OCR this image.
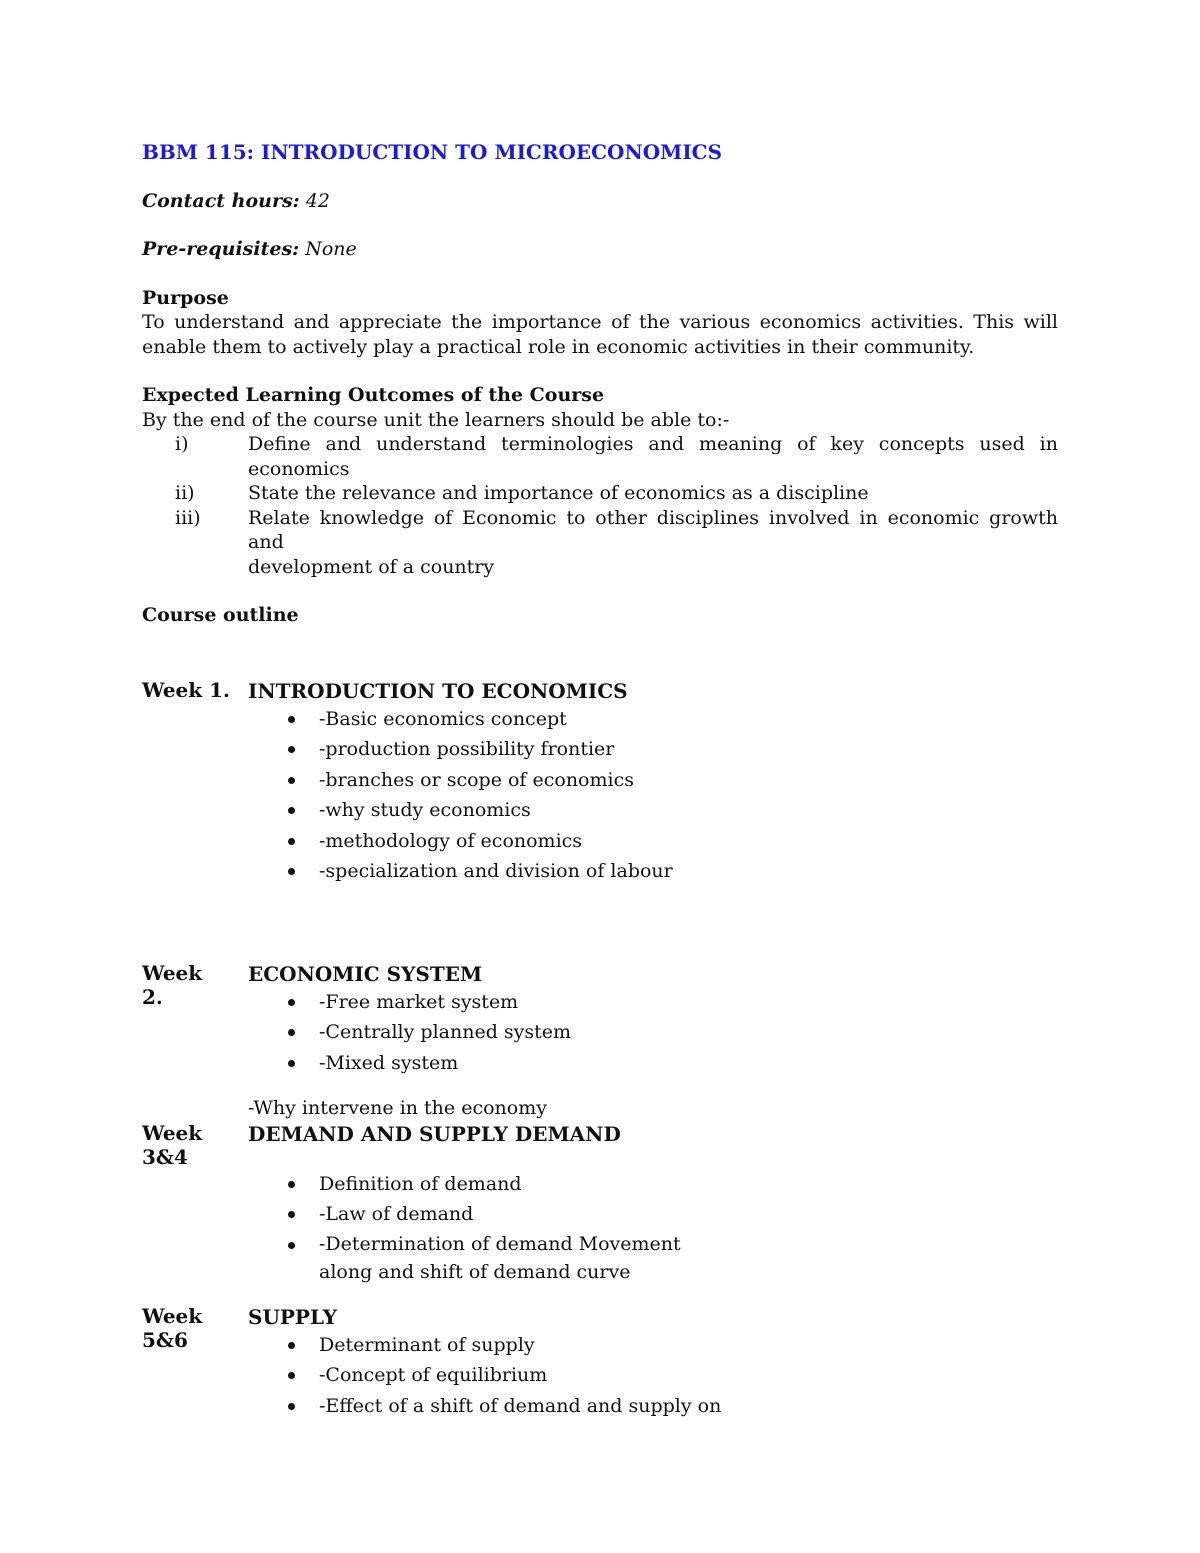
BBM 115: INTRODUCTION TO MICROECONOMICS

Contact hours: 42

Pre-requisites: None

Purpose

To understand and appreciate the importance of the various economics activities. This will

enable them to actively play a practical role in economic activities in their community.

Expected Learning Outcomes of the Course

By the end of the course unit the learners should be able to:-

i)	Define and understand terminologies and meaning of key concepts used in
economics
ii)	State the relevance and importance of economics as a discipline
iii) Relate knowledge of Economic to other disciplines involved in economic growth and
development of a country

Course outline

Week 1. INTRODUCTION TO ECONOMICS

-Basic economics concept
-production possibility frontier
-branches or scope of economics
-why study economics
-methodology of economics
-specialization and division of labour
Week
2.

ECONOMIC SYSTEM

-Free market system
-Centrally planned system
-Mixed system

-Why intervene in the economy

Week
3&4

DEMAND AND SUPPLY DEMAND

Definition of demand
-Law of demand
-Determination of demand Movement
along and shift of demand curve
Week
5&6

SUPPLY

Determinant of supply
-Concept of equilibrium
-Effect of a shift of demand and supply on
